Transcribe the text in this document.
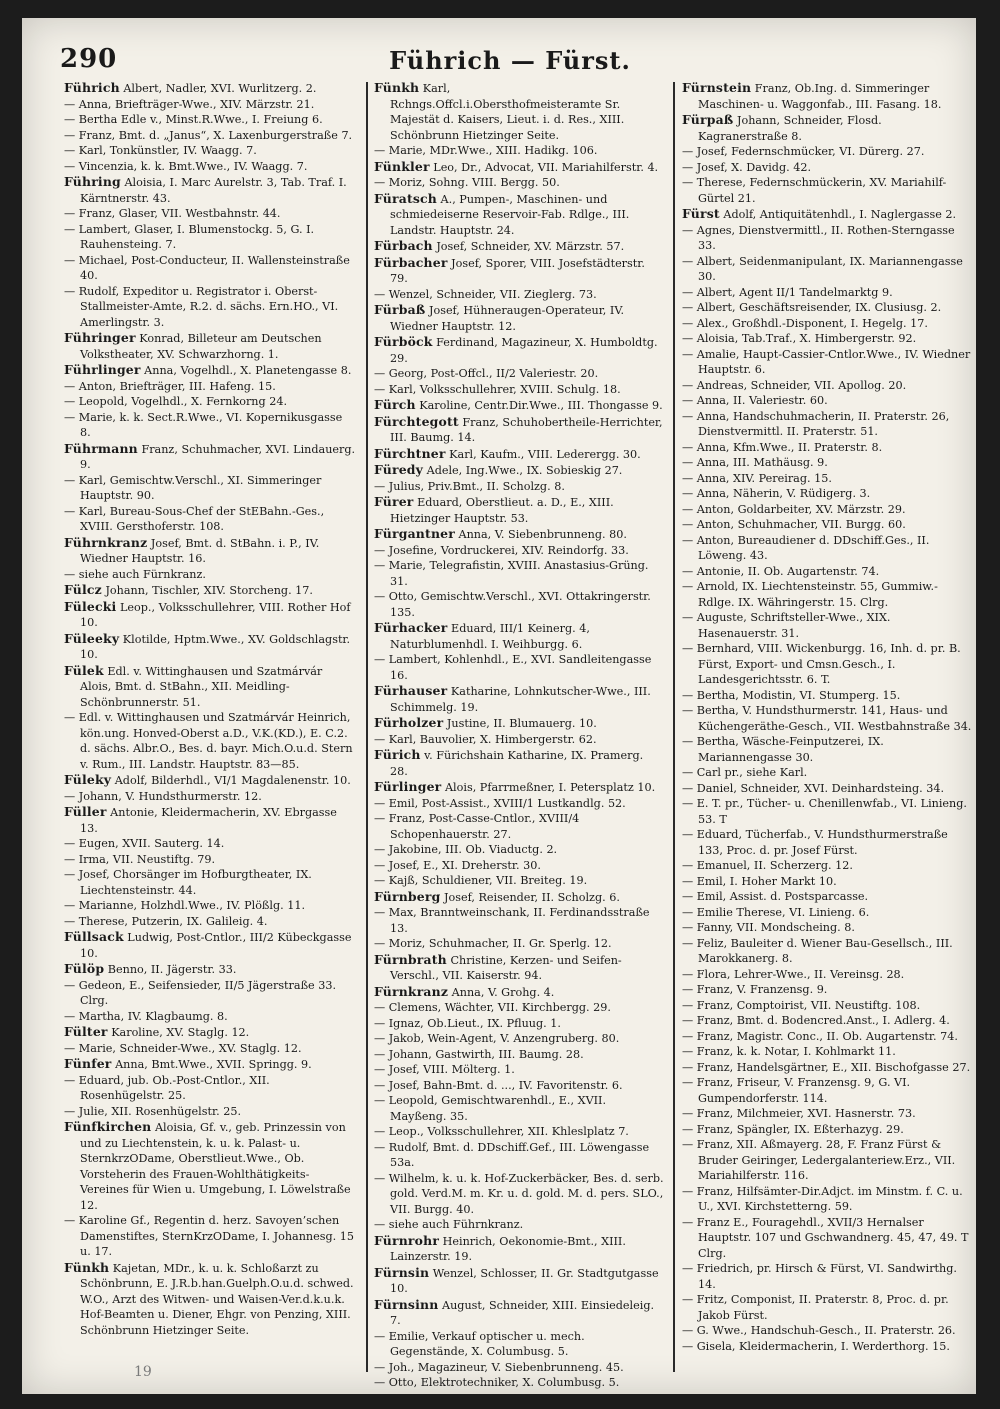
290	Führich — Fürst.

Führich Albert, Nadler, XVI. Wurlitzerg. 2.

— Anna, Briefträger-Wwe., XIV. Märzstr. 21.

— Bertha Edle v., Minst.R.Wwe., I. Freiung 6.

— Franz, Bmt. d. „Janus“, X. Laxenburgerstraße 7.

— Karl, Tonkünstler, IV. Waagg. 7.

— Vincenzia, k. k. Bmt.Wwe., IV. Waagg. 7.

Führing Aloisia, I. Marc Aurelstr. 3, Tab. Traf. I. Kärntnerstr. 43.

— Franz, Glaser, VII. Westbahnstr. 44.

— Lambert, Glaser, I. Blumenstockg. 5, G. I. Rauhensteing. 7.

— Michael, Post-Conducteur, II. Wallensteinstraße 40.

— Rudolf, Expeditor u. Registrator i. Oberst-Stallmeister-Amte, R.2. d. sächs. Ern.HO., VI. Amerlingstr. 3.

Führinger Konrad, Billeteur am Deutschen Volkstheater, XV. Schwarzhorng. 1.

Führlinger Anna, Vogelhdl., X. Planetengasse 8.

— Anton, Briefträger, III. Hafeng. 15.

— Leopold, Vogelhdl., X. Fernkorng 24.

— Marie, k. k. Sect.R.Wwe., VI. Kopernikusgasse 8.

Führmann Franz, Schuhmacher, XVI. Lindauerg. 9.

— Karl, Gemischtw.Verschl., XI. Simmeringer Hauptstr. 90.

— Karl, Bureau-Sous-Chef der StEBahn.-Ges., XVIII. Gersthoferstr. 108.

Führnkranz Josef, Bmt. d. StBahn. i. P., IV. Wiedner Hauptstr. 16.

— siehe auch Fürnkranz.

Fülcz Johann, Tischler, XIV. Storcheng. 17.

Fülecki Leop., Volksschullehrer, VIII. Rother Hof 10.

Füleeky Klotilde, Hptm.Wwe., XV. Goldschlagstr. 10.

Fülek Edl. v. Wittinghausen und Szatmárvár Alois, Bmt. d. StBahn., XII. Meidling-Schönbrunnerstr. 51.

— Edl. v. Wittinghausen und Szatmárvár Heinrich, kön.ung. Honved-Oberst a.D., V.K.(KD.), E. C.2. d. sächs. Albr.O., Bes. d. bayr. Mich.O.u.d. Stern v. Rum., III. Landstr. Hauptstr. 83—85.

Füleky Adolf, Bilderhdl., VI/1 Magdalenenstr. 10.

— Johann, V. Hundsthurmerstr. 12.

Füller Antonie, Kleidermacherin, XV. Ebrgasse 13.

— Eugen, XVII. Sauterg. 14.

— Irma, VII. Neustiftg. 79.

— Josef, Chorsänger im Hofburgtheater, IX. Liechtensteinstr. 44.

— Marianne, Holzhdl.Wwe., IV. Plößlg. 11.

— Therese, Putzerin, IX. Galileig. 4.

Füllsack Ludwig, Post-Cntlor., III/2 Kübeckgasse 10.

Fülöp Benno, II. Jägerstr. 33.

— Gedeon, E., Seifensieder, II/5 Jägerstraße 33. Clrg.

— Martha, IV. Klagbaumg. 8.

Fülter Karoline, XV. Staglg. 12.

— Marie, Schneider-Wwe., XV. Staglg. 12.

Fünfer Anna, Bmt.Wwe., XVII. Springg. 9.

— Eduard, jub. Ob.-Post-Cntlor., XII. Rosenhügelstr. 25.

— Julie, XII. Rosenhügelstr. 25.

Fünfkirchen Aloisia, Gf. v., geb. Prinzessin von und zu Liechtenstein, k. u. k. Palast- u. SternkrzODame, Oberstlieut.Wwe., Ob. Vorsteherin des Frauen-Wohlthätigkeits-Vereines für Wien u. Umgebung, I. Löwelstraße 12.

— Karoline Gf., Regentin d. herz. Savoyen’schen Damenstiftes, SternKrzODame, I. Johannesg. 15 u. 17.

Fünkh Kajetan, MDr., k. u. k. Schloßarzt zu Schönbrunn, E. J.R.b.han.Guelph.O.u.d. schwed. W.O., Arzt des Witwen- und Waisen-Ver.d.k.u.k. Hof-Beamten u. Diener, Ehgr. von Penzing, XIII. Schönbrunn Hietzinger Seite.

Fünkh Karl, Rchngs.Offcl.i.Obersthofmeisteramte Sr. Majestät d. Kaisers, Lieut. i. d. Res., XIII. Schönbrunn Hietzinger Seite.

— Marie, MDr.Wwe., XIII. Hadikg. 106.

Fünkler Leo, Dr., Advocat, VII. Mariahilferstr. 4.

— Moriz, Sohng. VIII. Bergg. 50.

Füratsch A., Pumpen-, Maschinen- und schmiedeiserne Reservoir-Fab. Rdlge., III. Landstr. Hauptstr. 24.

Fürbach Josef, Schneider, XV. Märzstr. 57.

Fürbacher Josef, Sporer, VIII. Josefstädterstr. 79.

— Wenzel, Schneider, VII. Zieglerg. 73.

Fürbaß Josef, Hühneraugen-Operateur, IV. Wiedner Hauptstr. 12.

Fürböck Ferdinand, Magazineur, X. Humboldtg. 29.

— Georg, Post-Offcl., II/2 Valeriestr. 20.

— Karl, Volksschullehrer, XVIII. Schulg. 18.

Fürch Karoline, Centr.Dir.Wwe., III. Thongasse 9.

Fürchtegott Franz, Schuhobertheile-Herrichter, III. Baumg. 14.

Fürchtner Karl, Kaufm., VIII. Lederergg. 30.

Füredy Adele, Ing.Wwe., IX. Sobieskig 27.

— Julius, Priv.Bmt., II. Scholzg. 8.

Fürer Eduard, Oberstlieut. a. D., E., XIII. Hietzinger Hauptstr. 53.

Fürgantner Anna, V. Siebenbrunneng. 80.

— Josefine, Vordruckerei, XIV. Reindorfg. 33.

— Marie, Telegrafistin, XVIII. Anastasius-Grüng. 31.

— Otto, Gemischtw.Verschl., XVI. Ottakringerstr. 135.

Fürhacker Eduard, III/1 Keinerg. 4, Naturblumenhdl. I. Weihburgg. 6.

— Lambert, Kohlenhdl., E., XVI. Sandleitengasse 16.

Fürhauser Katharine, Lohnkutscher-Wwe., III. Schimmelg. 19.

Fürholzer Justine, II. Blumauerg. 10.

— Karl, Bauvolier, X. Himbergerstr. 62.

Fürich v. Fürichshain Katharine, IX. Pramerg. 28.

Fürlinger Alois, Pfarrmeßner, I. Petersplatz 10.

— Emil, Post-Assist., XVIII/1 Lustkandlg. 52.

— Franz, Post-Casse-Cntlor., XVIII/4 Schopenhauerstr. 27.

— Jakobine, III. Ob. Viaductg. 2.

— Josef, E., XI. Dreherstr. 30.

— Kajß, Schuldiener, VII. Breiteg. 19.

Fürnberg Josef, Reisender, II. Scholzg. 6.

— Max, Branntweinschank, II. Ferdinandsstraße 13.

— Moriz, Schuhmacher, II. Gr. Sperlg. 12.

Fürnbrath Christine, Kerzen- und Seifen-Verschl., VII. Kaiserstr. 94.

Fürnkranz Anna, V. Grohg. 4.

— Clemens, Wächter, VII. Kirchbergg. 29.

— Ignaz, Ob.Lieut., IX. Pfluug. 1.

— Jakob, Wein-Agent, V. Anzengruberg. 80.

— Johann, Gastwirth, III. Baumg. 28.

— Josef, VIII. Mölterg. 1.

— Josef, Bahn-Bmt. d. ..., IV. Favoritenstr. 6.

— Leopold, Gemischtwarenhdl., E., XVII. Mayßeng. 35.

— Leop., Volksschullehrer, XII. Khleslplatz 7.

— Rudolf, Bmt. d. DDschiff.Gef., III. Löwengasse 53a.

— Wilhelm, k. u. k. Hof-Zuckerbäcker, Bes. d. serb. gold. Verd.M. m. Kr. u. d. gold. M. d. pers. SLO., VII. Burgg. 40.

— siehe auch Führnkranz.

Fürnrohr Heinrich, Oekonomie-Bmt., XIII. Lainzerstr. 19.

Fürnsin Wenzel, Schlosser, II. Gr. Stadtgutgasse 10.

Fürnsinn August, Schneider, XIII. Einsiedeleig. 7.

— Emilie, Verkauf optischer u. mech. Gegenstände, X. Columbusg. 5.

— Joh., Magazineur, V. Siebenbrunneng. 45.

— Otto, Elektrotechniker, X. Columbusg. 5.

Fürnstein Franz, Ob.Ing. d. Simmeringer Maschinen- u. Waggonfab., III. Fasang. 18.

Fürpaß Johann, Schneider, Flosd. Kagranerstraße 8.

— Josef, Federnschmücker, VI. Dürerg. 27.

— Josef, X. Davidg. 42.

— Therese, Federnschmückerin, XV. Mariahilf-Gürtel 21.

Fürst Adolf, Antiquitätenhdl., I. Naglergasse 2.

— Agnes, Dienstvermittl., II. Rothen-Sterngasse 33.

— Albert, Seidenmanipulant, IX. Mariannengasse 30.

— Albert, Agent II/1 Tandelmarktg 9.

— Albert, Geschäftsreisender, IX. Clusiusg. 2.

— Alex., Großhdl.-Disponent, I. Hegelg. 17.

— Aloisia, Tab.Traf., X. Himbergerstr. 92.

— Amalie, Haupt-Cassier-Cntlor.Wwe., IV. Wiedner Hauptstr. 6.

— Andreas, Schneider, VII. Apollog. 20.

— Anna, II. Valeriestr. 60.

— Anna, Handschuhmacherin, II. Praterstr. 26, Dienstvermittl. II. Praterstr. 51.

— Anna, Kfm.Wwe., II. Praterstr. 8.

— Anna, III. Mathäusg. 9.

— Anna, XIV. Pereirag. 15.

— Anna, Näherin, V. Rüdigerg. 3.

— Anton, Goldarbeiter, XV. Märzstr. 29.

— Anton, Schuhmacher, VII. Burgg. 60.

— Anton, Bureaudiener d. DDschiff.Ges., II. Löweng. 43.

— Antonie, II. Ob. Augartenstr. 74.

— Arnold, IX. Liechtensteinstr. 55, Gummiw.-Rdlge. IX. Währingerstr. 15. Clrg.

— Auguste, Schriftsteller-Wwe., XIX. Hasenauerstr. 31.

— Bernhard, VIII. Wickenburgg. 16, Inh. d. pr. B. Fürst, Export- und Cmsn.Gesch., I. Landesgerichtsstr. 6. T.

— Bertha, Modistin, VI. Stumperg. 15.

— Bertha, V. Hundsthurmerstr. 141, Haus- und Küchengeräthe-Gesch., VII. Westbahnstraße 34.

— Bertha, Wäsche-Feinputzerei, IX. Mariannengasse 30.

— Carl pr., siehe Karl.

— Daniel, Schneider, XVI. Deinhardsteing. 34.

— E. T. pr., Tücher- u. Chenillenwfab., VI. Linieng. 53. T

— Eduard, Tücherfab., V. Hundsthurmerstraße 133, Proc. d. pr. Josef Fürst.

— Emanuel, II. Scherzerg. 12.

— Emil, I. Hoher Markt 10.

— Emil, Assist. d. Postsparcasse.

— Emilie Therese, VI. Linieng. 6.

— Fanny, VII. Mondscheing. 8.

— Feliz, Bauleiter d. Wiener Bau-Gesellsch., III. Marokkanerg. 8.

— Flora, Lehrer-Wwe., II. Vereinsg. 28.

— Franz, V. Franzensg. 9.

— Franz, Comptoirist, VII. Neustiftg. 108.

— Franz, Bmt. d. Bodencred.Anst., I. Adlerg. 4.

— Franz, Magistr. Conc., II. Ob. Augartenstr. 74.

— Franz, k. k. Notar, I. Kohlmarkt 11.

— Franz, Handelsgärtner, E., XII. Bischofgasse 27.

— Franz, Friseur, V. Franzensg. 9, G. VI. Gumpendorferstr. 114.

— Franz, Milchmeier, XVI. Hasnerstr. 73.

— Franz, Spängler, IX. Eßterhazyg. 29.

— Franz, XII. Aßmayerg. 28, F. Franz Fürst & Bruder Geiringer, Ledergalanteriew.Erz., VII. Mariahilferstr. 116.

— Franz, Hilfsämter-Dir.Adjct. im Minstm. f. C. u. U., XVI. Kirchstetterng. 59.

— Franz E., Fouragehdl., XVII/3 Hernalser Hauptstr. 107 und Gschwandnerg. 45, 47, 49. T Clrg.

— Friedrich, pr. Hirsch & Fürst, VI. Sandwirthg. 14.

— Fritz, Componist, II. Praterstr. 8, Proc. d. pr. Jakob Fürst.

— G. Wwe., Handschuh-Gesch., II. Praterstr. 26.

— Gisela, Kleidermacherin, I. Werderthorg. 15.

19
